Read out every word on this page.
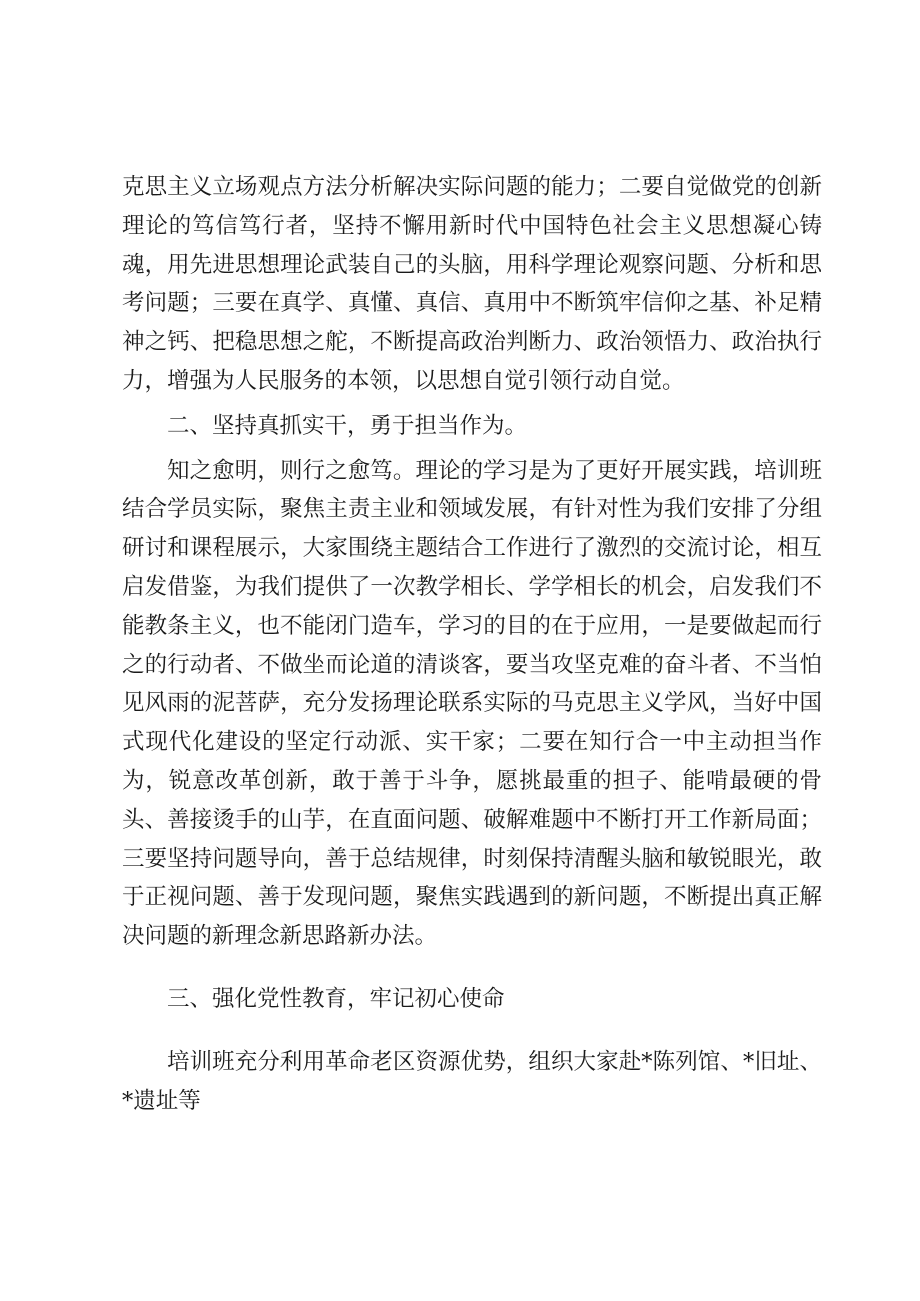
克思主义立场观点方法分析解决实际问题的能力；二要自觉做党的创新理论的笃信笃行者，坚持不懈用新时代中国特色社会主义思想凝心铸魂，用先进思想理论武装自己的头脑，用科学理论观察问题、分析和思考问题；三要在真学、真懂、真信、真用中不断筑牢信仰之基、补足精神之钙、把稳思想之舵，不断提高政治判断力、政治领悟力、政治执行力，增强为人民服务的本领，以思想自觉引领行动自觉。

二、坚持真抓实干，勇于担当作为。

知之愈明，则行之愈笃。理论的学习是为了更好开展实践，培训班结合学员实际，聚焦主责主业和领域发展，有针对性为我们安排了分组研讨和课程展示，大家围绕主题结合工作进行了激烈的交流讨论，相互启发借鉴，为我们提供了一次教学相长、学学相长的机会，启发我们不能教条主义，也不能闭门造车，学习的目的在于应用，一是要做起而行之的行动者、不做坐而论道的清谈客，要当攻坚克难的奋斗者、不当怕见风雨的泥菩萨，充分发扬理论联系实际的马克思主义学风，当好中国式现代化建设的坚定行动派、实干家；二要在知行合一中主动担当作为，锐意改革创新，敢于善于斗争，愿挑最重的担子、能啃最硬的骨头、善接烫手的山芋，在直面问题、破解难题中不断打开工作新局面；三要坚持问题导向，善于总结规律，时刻保持清醒头脑和敏锐眼光，敢于正视问题、善于发现问题，聚焦实践遇到的新问题，不断提出真正解决问题的新理念新思路新办法。

三、强化党性教育，牢记初心使命

培训班充分利用革命老区资源优势，组织大家赴*陈列馆、*旧址、*遗址等
